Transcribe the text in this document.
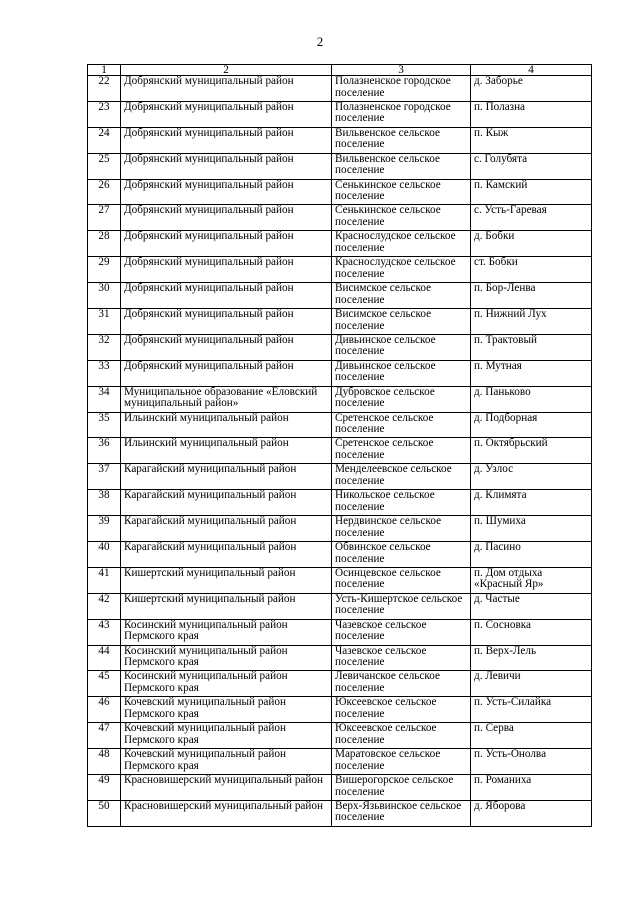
2
1	2	3	4
22	Добрянский муниципальный район	Полазненское городское поселение	д. Заборье
23	Добрянский муниципальный район	Полазненское городское поселение	п. Полазна
24	Добрянский муниципальный район	Вильвенское сельское поселение	п. Кыж
25	Добрянский муниципальный район	Вильвенское сельское поселение	с. Голубята
26	Добрянский муниципальный район	Сенькинское сельское поселение	п. Камский
27	Добрянский муниципальный район	Сенькинское сельское поселение	с. Усть-Гаревая
28	Добрянский муниципальный район	Краснослудское сельское поселение	д. Бобки
29	Добрянский муниципальный район	Краснослудское сельское поселение	ст. Бобки
30	Добрянский муниципальный район	Висимское сельское поселение	п. Бор-Ленва
31	Добрянский муниципальный район	Висимское сельское поселение	п. Нижний Лух
32	Добрянский муниципальный район	Дивьинское сельское поселение	п. Трактовый
33	Добрянский муниципальный район	Дивьинское сельское поселение	п. Мутная
34	Муниципальное образование «Еловский муниципальный район»	Дубровское сельское поселение	д. Паньково
35	Ильинский муниципальный район	Сретенское сельское поселение	д. Подборная
36	Ильинский муниципальный район	Сретенское сельское поселение	п. Октябрьский
37	Карагайский муниципальный район	Менделеевское сельское поселение	д. Узлос
38	Карагайский муниципальный район	Никольское сельское поселение	д. Климята
39	Карагайский муниципальный район	Нердвинское сельское поселение	п. Шумиха
40	Карагайский муниципальный район	Обвинское сельское поселение	д. Пасино
41	Кишертский муниципальный район	Осинцевское сельское поселение	п. Дом отдыха «Красный Яр»
42	Кишертский муниципальный район	Усть-Кишертское сельское поселение	д. Частые
43	Косинский муниципальный район Пермского края	Чазевское сельское поселение	п. Сосновка
44	Косинский муниципальный район Пермского края	Чазевское сельское поселение	п. Верх-Лель
45	Косинский муниципальный район Пермского края	Левичанское сельское поселение	д. Левичи
46	Кочевский муниципальный район Пермского края	Юксеевское сельское поселение	п. Усть-Силайка
47	Кочевский муниципальный район Пермского края	Юксеевское сельское поселение	п. Серва
48	Кочевский муниципальный район Пермского края	Маратовское сельское поселение	п. Усть-Онолва
49	Красновишерский муниципальный район	Вишерогорское сельское поселение	п. Романиха
50	Красновишерский муниципальный район	Верх-Язьвинское сельское поселение	д. Яборова
